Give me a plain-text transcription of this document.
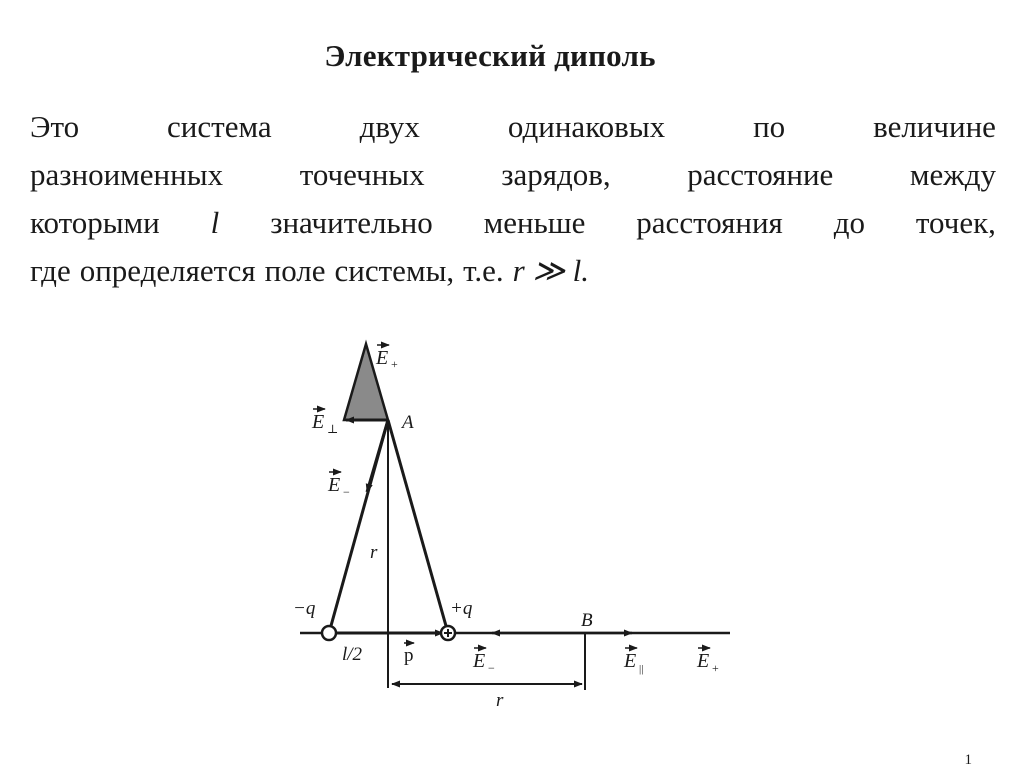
Электрический диполь
Это	система	двух	одинаковых	по	величине
разноименных точечных зарядов, расстояние между
которыми l значительно меньше расстояния до точек,
где определяется поле системы, т.е. r ≫ l.
E +
E ⊥	A
E −
r
−q	+q
l/2 p	E −
B
E ||	E +
r
1
